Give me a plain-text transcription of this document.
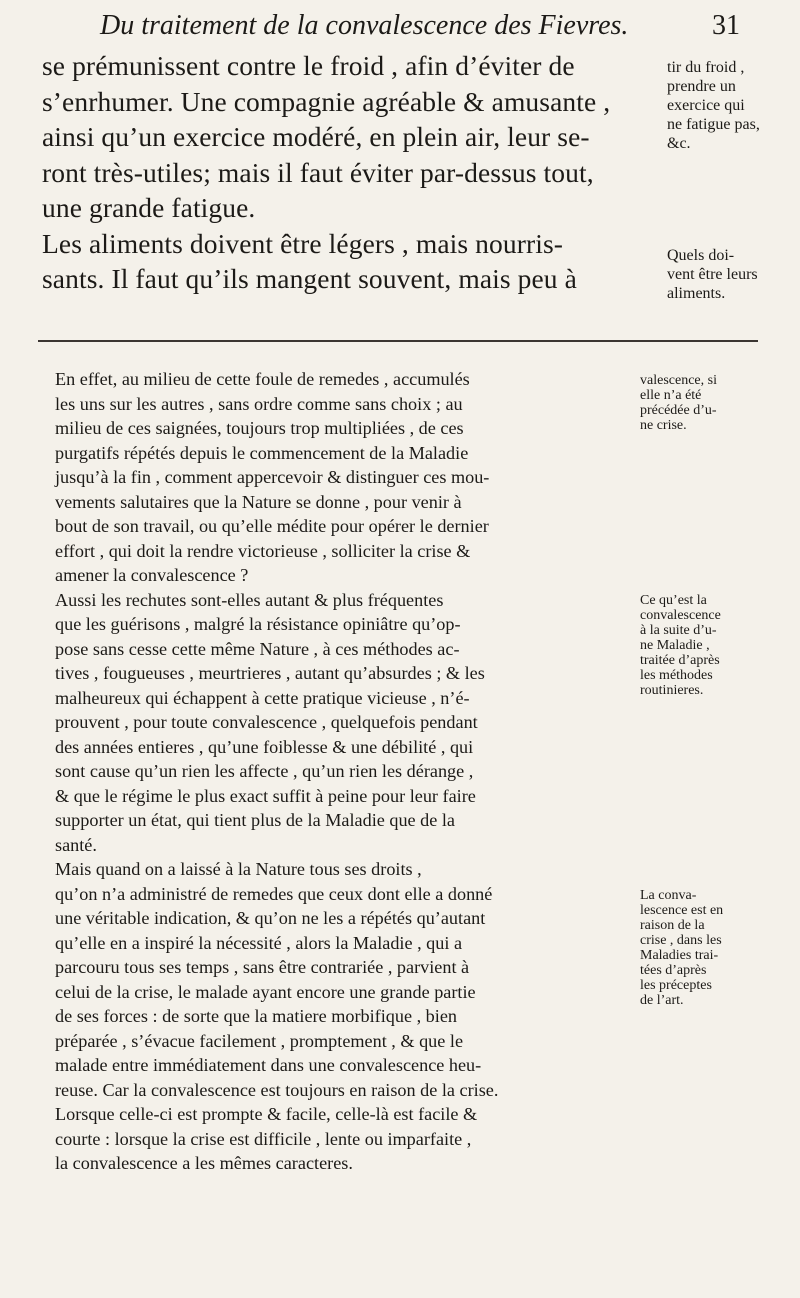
Du traitement de la convalescence des Fievres.	31
se prémunissent contre le froid , afin d’éviter de
s’enrhumer. Une compagnie agréable & amusante ,
ainsi qu’un exercice modéré, en plein air, leur se-
ront très-utiles; mais il faut éviter par-dessus tout,
une grande fatigue.
Les aliments doivent être légers , mais nourris-
sants. Il faut qu’ils mangent souvent, mais peu à
tir du froid ,
prendre un
exercice qui
ne fatigue pas,
&c.
Quels doi-
vent être leurs
aliments.
En effet, au milieu de cette foule de remedes , accumulés
les uns sur les autres , sans ordre comme sans choix ; au
milieu de ces saignées, toujours trop multipliées , de ces
purgatifs répétés depuis le commencement de la Maladie
jusqu’à la fin , comment appercevoir & distinguer ces mou-
vements salutaires que la Nature se donne , pour venir à
bout de son travail, ou qu’elle médite pour opérer le dernier
effort , qui doit la rendre victorieuse , solliciter la crise &
amener la convalescence ?
Aussi les rechutes sont-elles autant & plus fréquentes
que les guérisons , malgré la résistance opiniâtre qu’op-
pose sans cesse cette même Nature , à ces méthodes ac-
tives , fougueuses , meurtrieres , autant qu’absurdes ; & les
malheureux qui échappent à cette pratique vicieuse , n’é-
prouvent , pour toute convalescence , quelquefois pendant
des années entieres , qu’une foiblesse & une débilité , qui
sont cause qu’un rien les affecte , qu’un rien les dérange ,
& que le régime le plus exact suffit à peine pour leur faire
supporter un état, qui tient plus de la Maladie que de la
santé.
Mais quand on a laissé à la Nature tous ses droits ,
qu’on n’a administré de remedes que ceux dont elle a donné
une véritable indication, & qu’on ne les a répétés qu’autant
qu’elle en a inspiré la nécessité , alors la Maladie , qui a
parcouru tous ses temps , sans être contrariée , parvient à
celui de la crise, le malade ayant encore une grande partie
de ses forces : de sorte que la matiere morbifique , bien
préparée , s’évacue facilement , promptement , & que le
malade entre immédiatement dans une convalescence heu-
reuse. Car la convalescence est toujours en raison de la crise.
Lorsque celle-ci est prompte & facile, celle-là est facile &
courte : lorsque la crise est difficile , lente ou imparfaite ,
la convalescence a les mêmes caracteres.
valescence, si
elle n’a été
précédée d’u-
ne crise.
Ce qu’est la
convalescence
à la suite d’u-
ne Maladie ,
traitée d’après
les méthodes
routinieres.
La conva-
lescence est en
raison de la
crise , dans les
Maladies trai-
tées d’après
les préceptes
de l’art.
